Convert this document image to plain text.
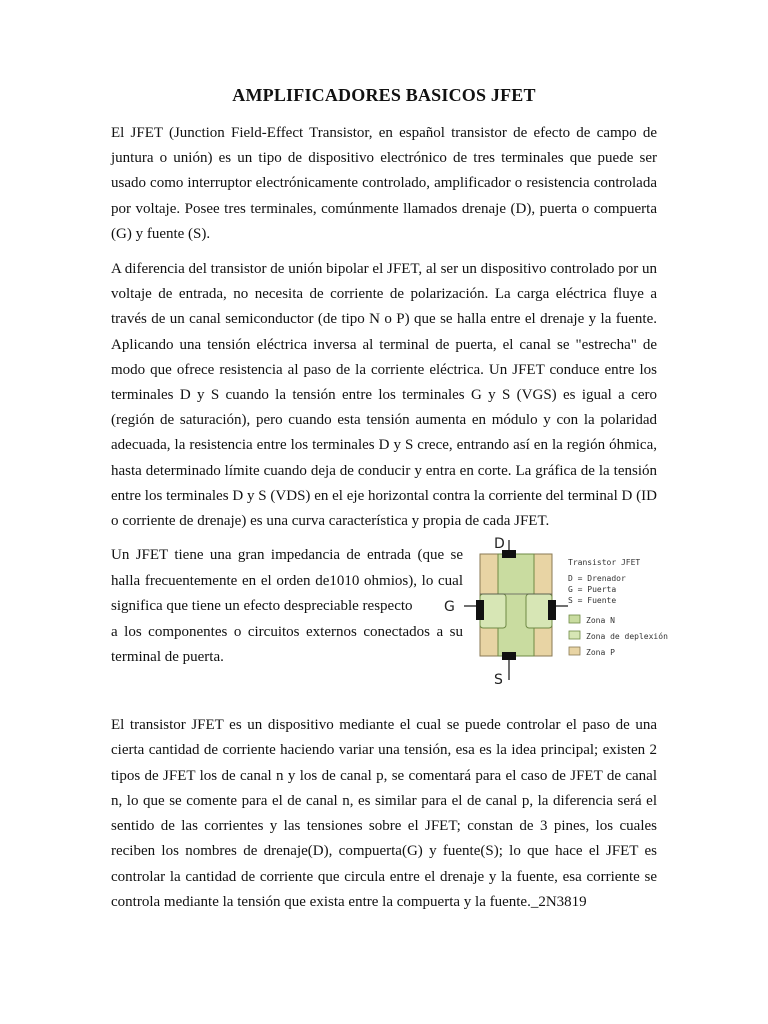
AMPLIFICADORES BASICOS JFET

El JFET (Junction Field-Effect Transistor, en español transistor de efecto de campo de juntura o unión) es un tipo de dispositivo electrónico de tres terminales que puede ser usado como interruptor electrónicamente controlado, amplificador o resistencia controlada por voltaje. Posee tres terminales, comúnmente llamados drenaje (D), puerta o compuerta (G) y fuente (S).

A diferencia del transistor de unión bipolar el JFET, al ser un dispositivo controlado por un voltaje de entrada, no necesita de corriente de polarización. La carga eléctrica fluye a través de un canal semiconductor (de tipo N o P) que se halla entre el drenaje y la fuente. Aplicando una tensión eléctrica inversa al terminal de puerta, el canal se "estrecha" de modo que ofrece resistencia al paso de la corriente eléctrica. Un JFET conduce entre los terminales D y S cuando la tensión entre los terminales G y S (VGS) es igual a cero (región de saturación), pero cuando esta tensión aumenta en módulo y con la polaridad adecuada, la resistencia entre los terminales D y S crece, entrando así en la región óhmica, hasta determinado límite cuando deja de conducir y entra en corte. La gráfica de la tensión entre los terminales D y S (VDS) en el eje horizontal contra la corriente del terminal D (ID o corriente de drenaje) es una curva característica y propia de cada JFET.

Un JFET tiene una gran impedancia de entrada (que se
halla frecuentemente en el orden de1010 ohmios), lo cual
significa que tiene un efecto despreciable respecto
a los componentes o circuitos externos conectados a su
terminal de puerta.
D
G
S
Transistor JFET
D = Drenador
G = Puerta
S = Fuente
Zona N
Zona de deplexión
Zona P

El transistor JFET es un dispositivo mediante el cual se puede controlar el paso de una cierta cantidad de corriente haciendo variar una tensión, esa es la idea principal; existen 2 tipos de JFET los de canal n y los de canal p, se comentará para el caso de JFET de canal n, lo que se comente para el de canal n, es similar para el de canal p, la diferencia será el sentido de las corrientes y las tensiones sobre el JFET; constan de 3 pines, los cuales reciben los nombres de drenaje(D), compuerta(G) y fuente(S); lo que hace el JFET es controlar la cantidad de corriente que circula entre el drenaje y la fuente, esa corriente se controla mediante la tensión que exista entre la compuerta y la fuente._2N3819
